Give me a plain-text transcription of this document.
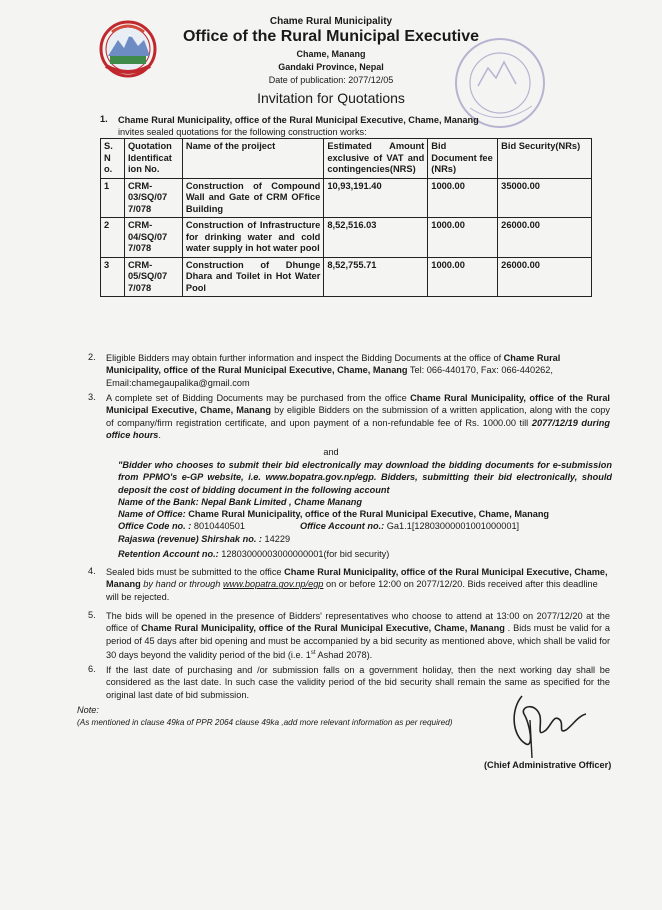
Chame Rural Municipality
Office of the Rural Municipal Executive
Chame, Manang
Gandaki Province, Nepal
Date of publication: 2077/12/05
Invitation for Quotations
1. Chame Rural Municipality, office of the Rural Municipal Executive, Chame, Manang
invites sealed quotations for the following construction works:
S. N o.	Quotation Identificat ion No.	Name of the proiject	Estimated Amount exclusive of VAT and contingencies(NRS)	Bid Document fee (NRs)	Bid Security(NRs)
1	CRM-03/SQ/07 7/078	Construction of Compound Wall and Gate of CRM OFfice Building	10,93,191.40	1000.00	35000.00
2	CRM-04/SQ/07 7/078	Construction of Infrastructure for drinking water and cold water supply in hot water pool	8,52,516.03	1000.00	26000.00
3	CRM-05/SQ/07 7/078	Construction of Dhunge Dhara and Toilet in Hot Water Pool	8,52,755.71	1000.00	26000.00
2. Eligible Bidders may obtain further information and inspect the Bidding Documents at the office of Chame Rural Municipality, office of the Rural Municipal Executive, Chame, Manang Tel: 066-440170, Fax: 066-440262,
Email:chamegaupalika@gmail.com
3. A complete set of Bidding Documents may be purchased from the office Chame Rural Municipality, office of the Rural Municipal Executive, Chame, Manang by eligible Bidders on the submission of a written application, along with the copy of company/firm registration certificate, and upon payment of a non-refundable fee of Rs. 1000.00 till 2077/12/19 during office hours.
and
"Bidder who chooses to submit their bid electronically may download the bidding documents for e-submission from PPMO's e-GP website, i.e. www.bopatra.gov.np/egp. Bidders, submitting their bid electronically, should deposit the cost of bidding document in the following account
Name of the Bank: Nepal Bank Limited , Chame Manang
Name of Office: Chame Rural Municipality, office of the Rural Municipal Executive, Chame, Manang
Office Code no. : 8010440501	Office Account no.: Ga1.1[12803000001001000001]
Rajaswa (revenue) Shirshak no. : 14229
Retention Account no.: 12803000003000000001(for bid security)
4. Sealed bids must be submitted to the office Chame Rural Municipality, office of the Rural Municipal Executive, Chame, Manang by hand or through www.bopatra.gov.np/egp on or before 12:00 on 2077/12/20. Bids received after this deadline will be rejected.
5. The bids will be opened in the presence of Bidders' representatives who choose to attend at 13:00 on 2077/12/20 at the office of Chame Rural Municipality, office of the Rural Municipal Executive, Chame, Manang . Bids must be valid for a period of 45 days after bid opening and must be accompanied by a bid security as mentioned above, which shall be valid for 30 days beyond the validity period of the bid (i.e. 1st Ashad 2078).
6. If the last date of purchasing and /or submission falls on a government holiday, then the next working day shall be considered as the last date. In such case the validity period of the bid security shall remain the same as specified for the original last date of bid submission.
Note:
(As mentioned in clause 49ka of PPR 2064 clause 49ka ,add more relevant information as per required)
(Chief Administrative Officer)
